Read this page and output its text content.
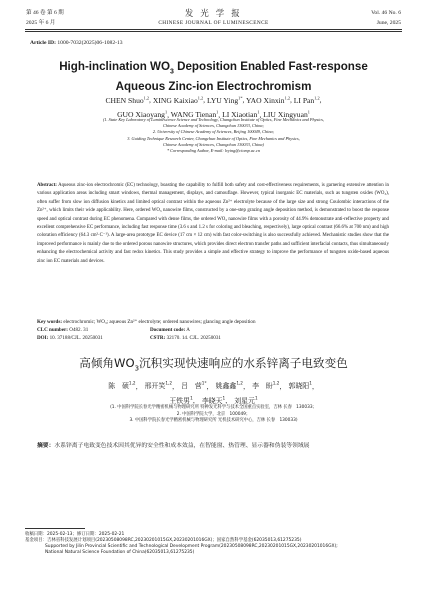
第 46 卷 第 6 期
2025 年 6 月
发 光 学 报
CHINESE JOURNAL OF LUMINESCENCE
Vol. 46 No. 6
June, 2025
Article ID: 1000-7032(2025)06-1082-13
High-inclination $WO_3$ Deposition Enabled Fast-response
Aqueous Zinc-ion Electrochromism
CHEN Shuo$^{1,2}$, XING Kaixiao$^{1,2}$, LYU Ying$^{1*}$, YAO Xinxin$^{1,2}$, LI Pan$^{1,2}$,
GUO Xiaoyang$^1$, WANG Tienan$^1$, LI Xiaotian$^1$, LIU Xingyuan$^1$
(1. State Key Laboratory of Luminescence Science and Technology, Changchun Institute of Optics, Fine Mechanics and Physics,
Chinese Academy of Sciences, Changchun 130033, China;
2. University of Chinese Academy of Sciences, Beijing 100049, China;
3. Guiding Technique Research Center, Changchun Institute of Optics, Fine Mechanics and Physics,
Chinese Academy of Sciences, Changchun 130033, China)
* Corresponding Author, E-mail: lvying@ciomp.ac.cn
Abstract: Aqueous zinc-ion electrochromic (EC) technology, boasting the capability to fulfill both safety and cost-effectiveness requirements, is garnering extensive attention in various application areas including smart windows, thermal management, displays, and camouflage. However, typical inorganic EC materials, such as tungsten oxides (WO₃), often suffer from slow ion diffusion kinetics and limited optical contrast within the aqueous Zn²⁺ electrolyte because of the large size and strong Coulombic interactions of the Zn²⁺, which limits their wide applicability. Here, ordered WO₃ nanowire films, constructed by a one-step grazing angle deposition method, is demonstrated to boost the response speed and optical contrast during EC phenomena. Compared with dense films, the ordered WO₃ nanowire films with a porosity of 44.9% demonstrate anti-reflective property and excellent comprehensive EC performance, including fast response time (3.6 s and 1.2 s for coloring and bleaching, respectively), large optical contrast (66.6% at 700 nm) and high coloration efficiency (64.3 cm²·C⁻¹). A large-area prototype EC device (17 cm × 12 cm) with fast color-switching is also successfully achieved. Mechanistic studies show that the improved performance is mainly due to the ordered porous nanowire structures, which provides direct electron transfer paths and sufficient interfacial contacts, thus simultaneously enhancing the electrochemical activity and fast redox kinetics. This study provides a simple and effective strategy to improve the performance of tungsten oxide-based aqueous zinc ion EC materials and devices.
Key words: electrochromic; WO₃; aqueous Zn²⁺ electrolyte; ordered nanowires; glancing angle deposition
CLC number: O482. 31	Document code: A
DOI: 10. 37188/CJL. 20250031	CSTR: 32170. 14. CJL. 20250031
高倾角$WO_3$沉积实现快速响应的水系锌离子电致变色
陈　硕$^{1,2}$， 邢开笑$^{1,2}$， 吕　营$^{1*}$， 姚鑫鑫$^{1,2}$， 李　盼$^{1,2}$， 郭晓阳$^1$，
王铁男$^1$， 李晓天$^1$， 刘星元$^1$
(1. 中国科学院长春光学精密机械与物理研究所 特种发光科学与技术全国重点实验室，吉林 长春　130033；
2. 中国科学院大学，北京　100049；
3. 中国科学院长春光学精密机械与物理研究所 光机技术研究中心，吉林 长春　130033)
摘要：水系锌离子电致变色技术因其优异的安全性和成本效益，在智能窗、热管理、显示器和伪装等领域展
收稿日期：2025-02-13；修订日期：2025-02-21
基金项目：吉林省科技发展计划项目(20230508098RC,20230201015GX,20230201016GX)；国家自然科学基金(62035013,61275235)
Supported by Jilin Provincial Scientific and Technological Development Program(20230508098RC,20230201015GX,20230201016GX);
National Natural Science Foundation of China(62035013,61275235)
